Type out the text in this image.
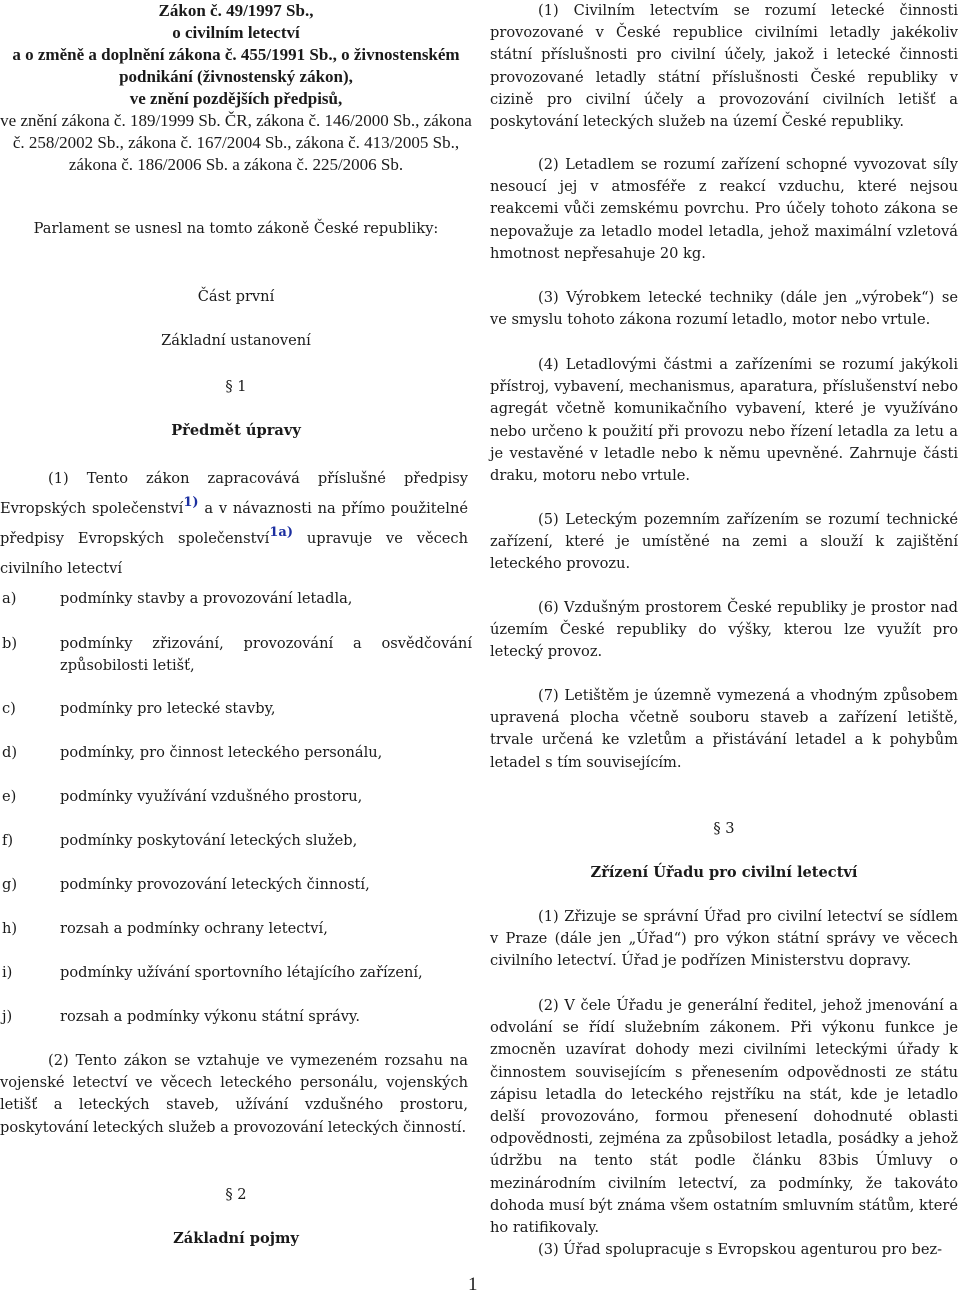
Zákon č. 49/1997 Sb.,
o civilním letectví
a o změně a doplnění zákona č. 455/1991 Sb., o živnostenském
podnikání (živnostenský zákon),
ve znění pozdějších předpisů,
ve znění zákona č. 189/1999 Sb. ČR, zákona č. 146/2000 Sb., zákona č. 258/2002 Sb., zákona č. 167/2004 Sb., zákona č. 413/2005 Sb., zákona č. 186/2006 Sb. a zákona č. 225/2006 Sb.
Parlament se usnesl na tomto zákoně České republiky:
Část první
Základní ustanovení
§ 1
Předmět úpravy

(1) Tento zákon zapracovává příslušné předpisy Evropských společenství$^{1)}$ a v návaznosti na přímo použitelné předpisy Evropských společenství$^{1a)}$ upravuje ve věcech civilního letectví

a)	podmínky stavby a provozování letadla,
b)	podmínky zřizování, provozování a osvědčování způsobilosti letišť,
c)	podmínky pro letecké stavby,
d)	podmínky, pro činnost leteckého personálu,
e)	podmínky využívání vzdušného prostoru,
f)	podmínky poskytování leteckých služeb,
g)	podmínky provozování leteckých činností,
h)	rozsah a podmínky ochrany letectví,
i)	podmínky užívání sportovního létajícího zařízení,
j)	rozsah a podmínky výkonu státní správy.

(2) Tento zákon se vztahuje ve vymezeném rozsahu na vojenské letectví ve věcech leteckého personálu, vojenských letišť a leteckých staveb, užívání vzdušného prostoru, poskytování leteckých služeb a provozování leteckých činností.

§ 2
Základní pojmy

(1) Civilním letectvím se rozumí letecké činnosti provozované v České republice civilními letadly jakékoliv státní příslušnosti pro civilní účely, jakož i letecké činnosti provozované letadly státní příslušnosti České republiky v cizině pro civilní účely a provozování civilních letišť a poskytování leteckých služeb na území České republiky.

(2) Letadlem se rozumí zařízení schopné vyvozovat síly nesoucí jej v atmosféře z reakcí vzduchu, které nejsou reakcemi vůči zemskému povrchu. Pro účely tohoto zákona se nepovažuje za letadlo model letadla, jehož maximální vzletová hmotnost nepřesahuje 20 kg.

(3) Výrobkem letecké techniky (dále jen „výrobek“) se ve smyslu tohoto zákona rozumí letadlo, motor nebo vrtule.

(4) Letadlovými částmi a zařízeními se rozumí jakýkoli přístroj, vybavení, mechanismus, aparatura, příslušenství nebo agregát včetně komunikačního vybavení, které je využíváno nebo určeno k použití při provozu nebo řízení letadla za letu a je vestavěné v letadle nebo k němu upevněné. Zahrnuje části draku, motoru nebo vrtule.

(5) Leteckým pozemním zařízením se rozumí technické zařízení, které je umístěné na zemi a slouží k zajištění leteckého provozu.

(6) Vzdušným prostorem České republiky je prostor nad územím České republiky do výšky, kterou lze využít pro letecký provoz.

(7) Letištěm je územně vymezená a vhodným způsobem upravená plocha včetně souboru staveb a zařízení letiště, trvale určená ke vzletům a přistávání letadel a k pohybům letadel s tím souvisejícím.

§ 3
Zřízení Úřadu pro civilní letectví

(1) Zřizuje se správní Úřad pro civilní letectví se sídlem v Praze (dále jen „Úřad“) pro výkon státní správy ve věcech civilního letectví. Úřad je podřízen Ministerstvu dopravy.

(2) V čele Úřadu je generální ředitel, jehož jmenování a odvolání se řídí služebním zákonem. Při výkonu funkce je zmocněn uzavírat dohody mezi civilními leteckými úřady k činnostem souvisejícím s přenesením odpovědnosti ze státu zápisu letadla do leteckého rejstříku na stát, kde je letadlo delší provozováno, formou přenesení dohodnuté oblasti odpovědnosti, zejména za způsobilost letadla, posádky a jehož údržbu na tento stát podle článku 83bis Úmluvy o mezinárodním civilním letectví, za podmínky, že takováto dohoda musí být známa všem ostatním smluvním státům, které ho ratifikovaly.

(3) Úřad spolupracuje s Evropskou agenturou pro bez-

1
